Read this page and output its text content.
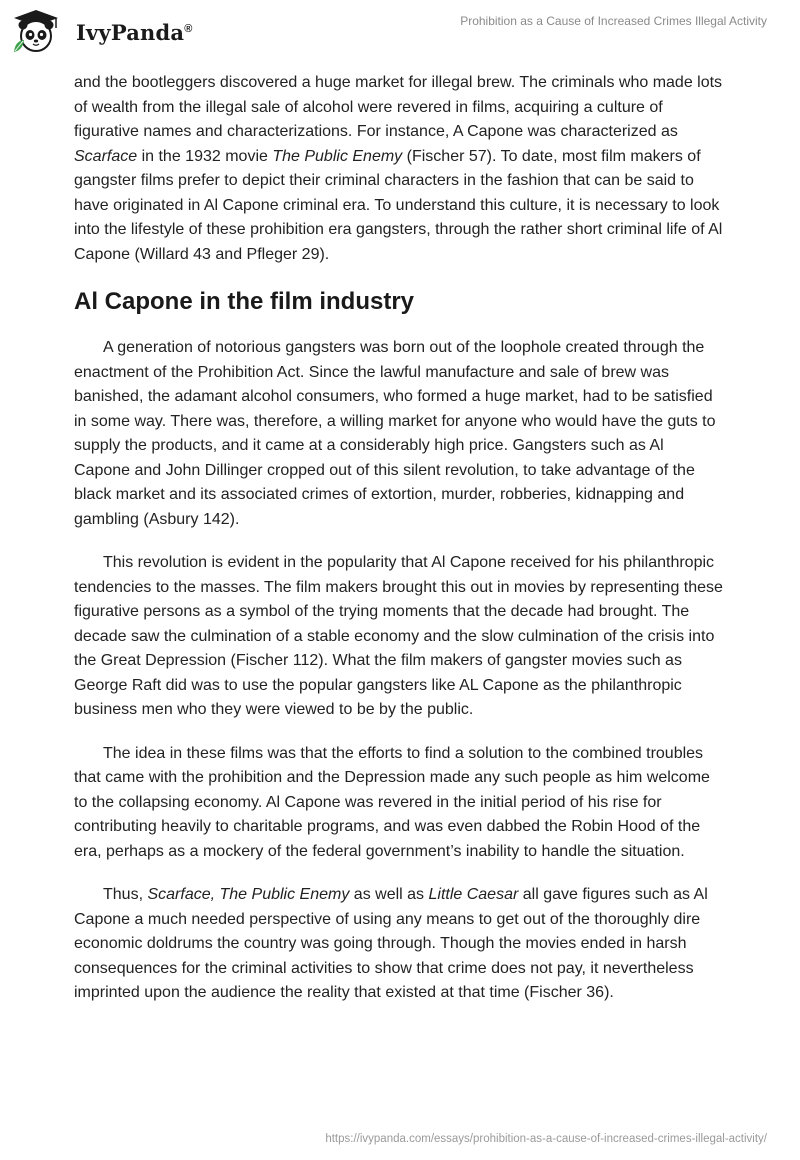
IvyPanda®
Prohibition as a Cause of Increased Crimes Illegal Activity

and the bootleggers discovered a huge market for illegal brew. The criminals who made lots of wealth from the illegal sale of alcohol were revered in films, acquiring a culture of figurative names and characterizations. For instance, A Capone was characterized as Scarface in the 1932 movie The Public Enemy (Fischer 57). To date, most film makers of gangster films prefer to depict their criminal characters in the fashion that can be said to have originated in Al Capone criminal era. To understand this culture, it is necessary to look into the lifestyle of these prohibition era gangsters, through the rather short criminal life of Al Capone (Willard 43 and Pfleger 29).

Al Capone in the film industry

A generation of notorious gangsters was born out of the loophole created through the enactment of the Prohibition Act. Since the lawful manufacture and sale of brew was banished, the adamant alcohol consumers, who formed a huge market, had to be satisfied in some way. There was, therefore, a willing market for anyone who would have the guts to supply the products, and it came at a considerably high price. Gangsters such as Al Capone and John Dillinger cropped out of this silent revolution, to take advantage of the black market and its associated crimes of extortion, murder, robberies, kidnapping and gambling (Asbury 142).

This revolution is evident in the popularity that Al Capone received for his philanthropic tendencies to the masses. The film makers brought this out in movies by representing these figurative persons as a symbol of the trying moments that the decade had brought. The decade saw the culmination of a stable economy and the slow culmination of the crisis into the Great Depression (Fischer 112). What the film makers of gangster movies such as George Raft did was to use the popular gangsters like AL Capone as the philanthropic business men who they were viewed to be by the public.

The idea in these films was that the efforts to find a solution to the combined troubles that came with the prohibition and the Depression made any such people as him welcome to the collapsing economy. Al Capone was revered in the initial period of his rise for contributing heavily to charitable programs, and was even dabbed the Robin Hood of the era, perhaps as a mockery of the federal government’s inability to handle the situation.

Thus, Scarface, The Public Enemy as well as Little Caesar all gave figures such as Al Capone a much needed perspective of using any means to get out of the thoroughly dire economic doldrums the country was going through. Though the movies ended in harsh consequences for the criminal activities to show that crime does not pay, it nevertheless imprinted upon the audience the reality that existed at that time (Fischer 36).

https://ivypanda.com/essays/prohibition-as-a-cause-of-increased-crimes-illegal-activity/
